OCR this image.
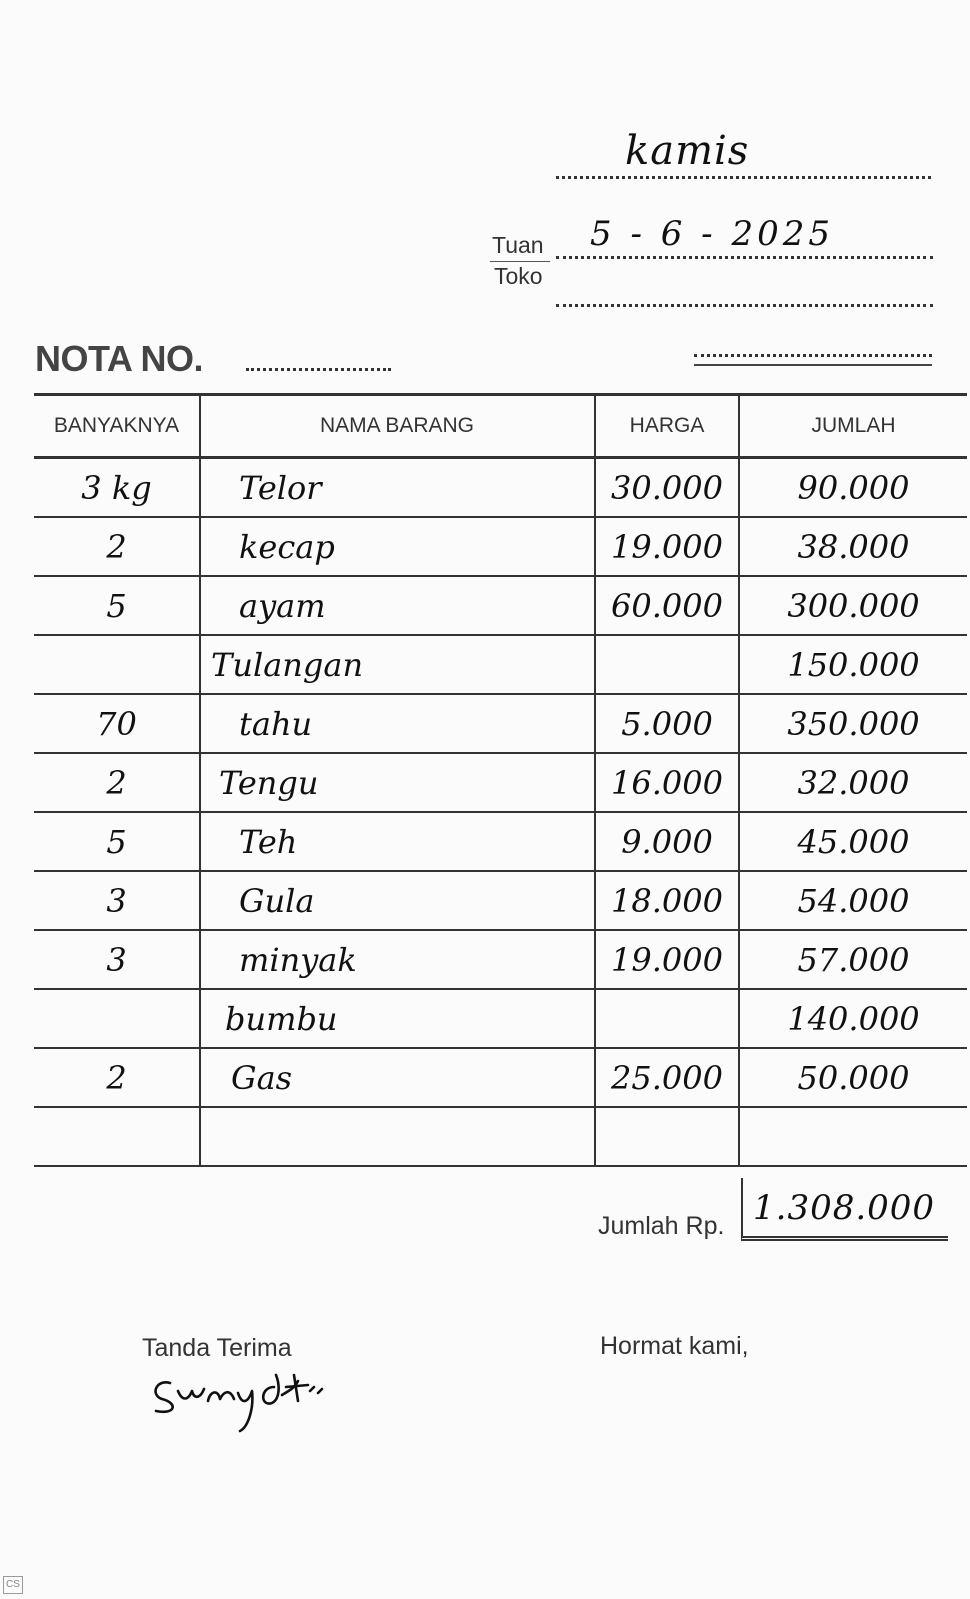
kamis
Tuan
Toko
5 - 6 - 2025
NOTA NO.
BANYAKNYA	NAMA BARANG	HARGA	JUMLAH
3 kg	Telor	30.000	90.000
2	kecap	19.000	38.000
5	ayam	60.000	300.000
	Tulangan		150.000
70	tahu	5.000	350.000
2	Tengu	16.000	32.000
5	Teh	9.000	45.000
3	Gula	18.000	54.000
3	minyak	19.000	57.000
	bumbu		140.000
2	Gas	25.000	50.000

Jumlah Rp. 1.308.000
Tanda Terima	Hormat kami,
CS
